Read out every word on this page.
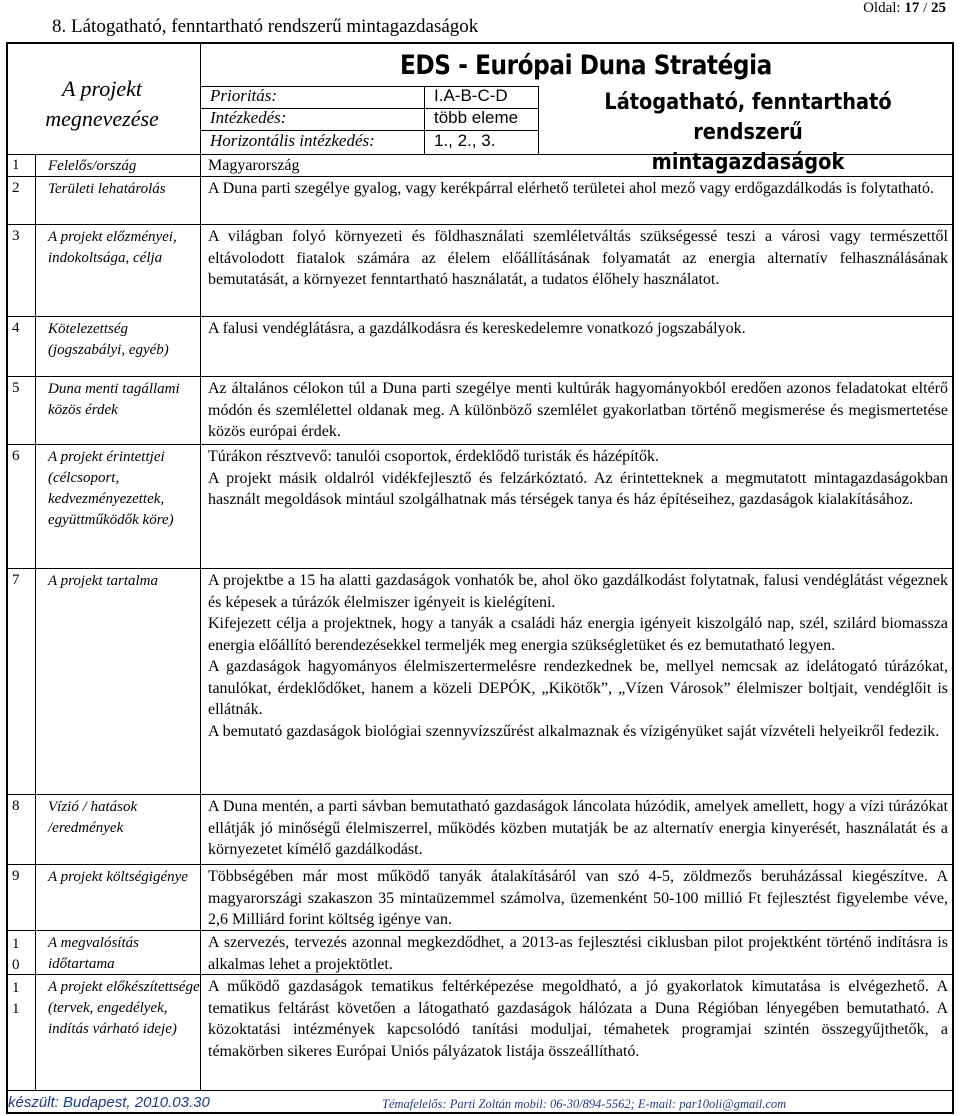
8. Látogatható, fenntartható rendszerű mintagazdaságok
Oldal: 17 / 25
A projekt
megnevezése
EDS - Európai Duna Stratégia
Prioritás:	I.A-B-C-D
Intézkedés:	több eleme
Horizontális intézkedés:	1., 2., 3.
Látogatható, fenntartható rendszerű
mintagazdaságok
1 Felelős/ország	Magyarország
2 Területi lehatárolás	A Duna parti szegélye gyalog, vagy kerékpárral elérhető területei ahol mező vagy erdőgazdálkodás is folytatható.
3 A projekt előzményei, indokoltsága, célja
A világban folyó környezeti és földhasználati szemléletváltás szükségessé teszi a városi vagy természettől eltávolodott fiatalok számára az élelem előállításának folyamatát az energia alternatív felhasználásának bemutatását, a környezet fenntartható használatát, a tudatos élőhely használatot.
4 Kötelezettség (jogszabályi, egyéb)
A falusi vendéglátásra, a gazdálkodásra és kereskedelemre vonatkozó jogszabályok.
5 Duna menti tagállami közös érdek
Az általános célokon túl a Duna parti szegélye menti kultúrák hagyományokból eredően azonos feladatokat eltérő módón és szemlélettel oldanak meg. A különböző szemlélet gyakorlatban történő megismerése és megismertetése közös európai érdek.
6 A projekt érintettjei (célcsoport, kedvezményezettek, együttműködők köre)

Túrákon résztvevő: tanulói csoportok, érdeklődő turisták és házépítők.

A projekt másik oldalról vidékfejlesztő és felzárkóztató. Az érintetteknek a megmutatott mintagazdaságokban használt megoldások mintául szolgálhatnak más térségek tanya és ház építéseihez, gazdaságok kialakításához.

7 A projekt tartalma	A projektbe a 15 ha alatti gazdaságok vonhatók be, ahol öko gazdálkodást folytatnak, falusi vendéglátást végeznek és képesek a túrázók élelmiszer igényeit is kielégíteni.

Kifejezett célja a projektnek, hogy a tanyák a családi ház energia igényeit kiszolgáló nap, szél, szilárd biomassza energia előállító berendezésekkel termeljék meg energia szükségletüket és ez bemutatható legyen.

A gazdaságok hagyományos élelmiszertermelésre rendezkednek be, mellyel nemcsak az idelátogató túrázókat, tanulókat, érdeklődőket, hanem a közeli DEPÓK, „Kikötők”, „Vízen Városok” élelmiszer boltjait, vendéglőit is ellátnák.

A bemutató gazdaságok biológiai szennyvízszűrést alkalmaznak és vízigényüket saját vízvételi helyeikről fedezik.

8 Vízió / hatások /eredmények
A Duna mentén, a parti sávban bemutatható gazdaságok láncolata húzódik, amelyek amellett, hogy a vízi túrázókat ellátják jó minőségű élelmiszerrel, működés közben mutatják be az alternatív energia kinyerését, használatát és a környezetet kímélő gazdálkodást.
9 A projekt költségigénye	Többségében már most működő tanyák átalakításáról van szó 4-5, zöldmezős beruházással kiegészítve. A magyarországi szakaszon 35 mintaüzemmel számolva, üzemenként 50-100 millió Ft fejlesztést figyelembe véve, 2,6 Milliárd forint költség igénye van.
10
A megvalósítás időtartama
A szervezés, tervezés azonnal megkezdődhet, a 2013-as fejlesztési ciklusban pilot projektként történő indításra is alkalmas lehet a projektötlet.
11
A projekt előkészítettsége (tervek, engedélyek, indítás várható ideje)
A működő gazdaságok tematikus feltérképezése megoldható, a jó gyakorlatok kimutatása is elvégezhető. A tematikus feltárást követően a látogatható gazdaságok hálózata a Duna Régióban lényegében bemutatható. A közoktatási intézmények kapcsolódó tanítási moduljai, témahetek programjai szintén összegyűjthetők, a témakörben sikeres Európai Uniós pályázatok listája összeállítható.
készült: Budapest, 2010.03.30	Témafelelős: Parti Zoltán mobil: 06-30/894-5562; E-mail: par10oli@gmail.com
